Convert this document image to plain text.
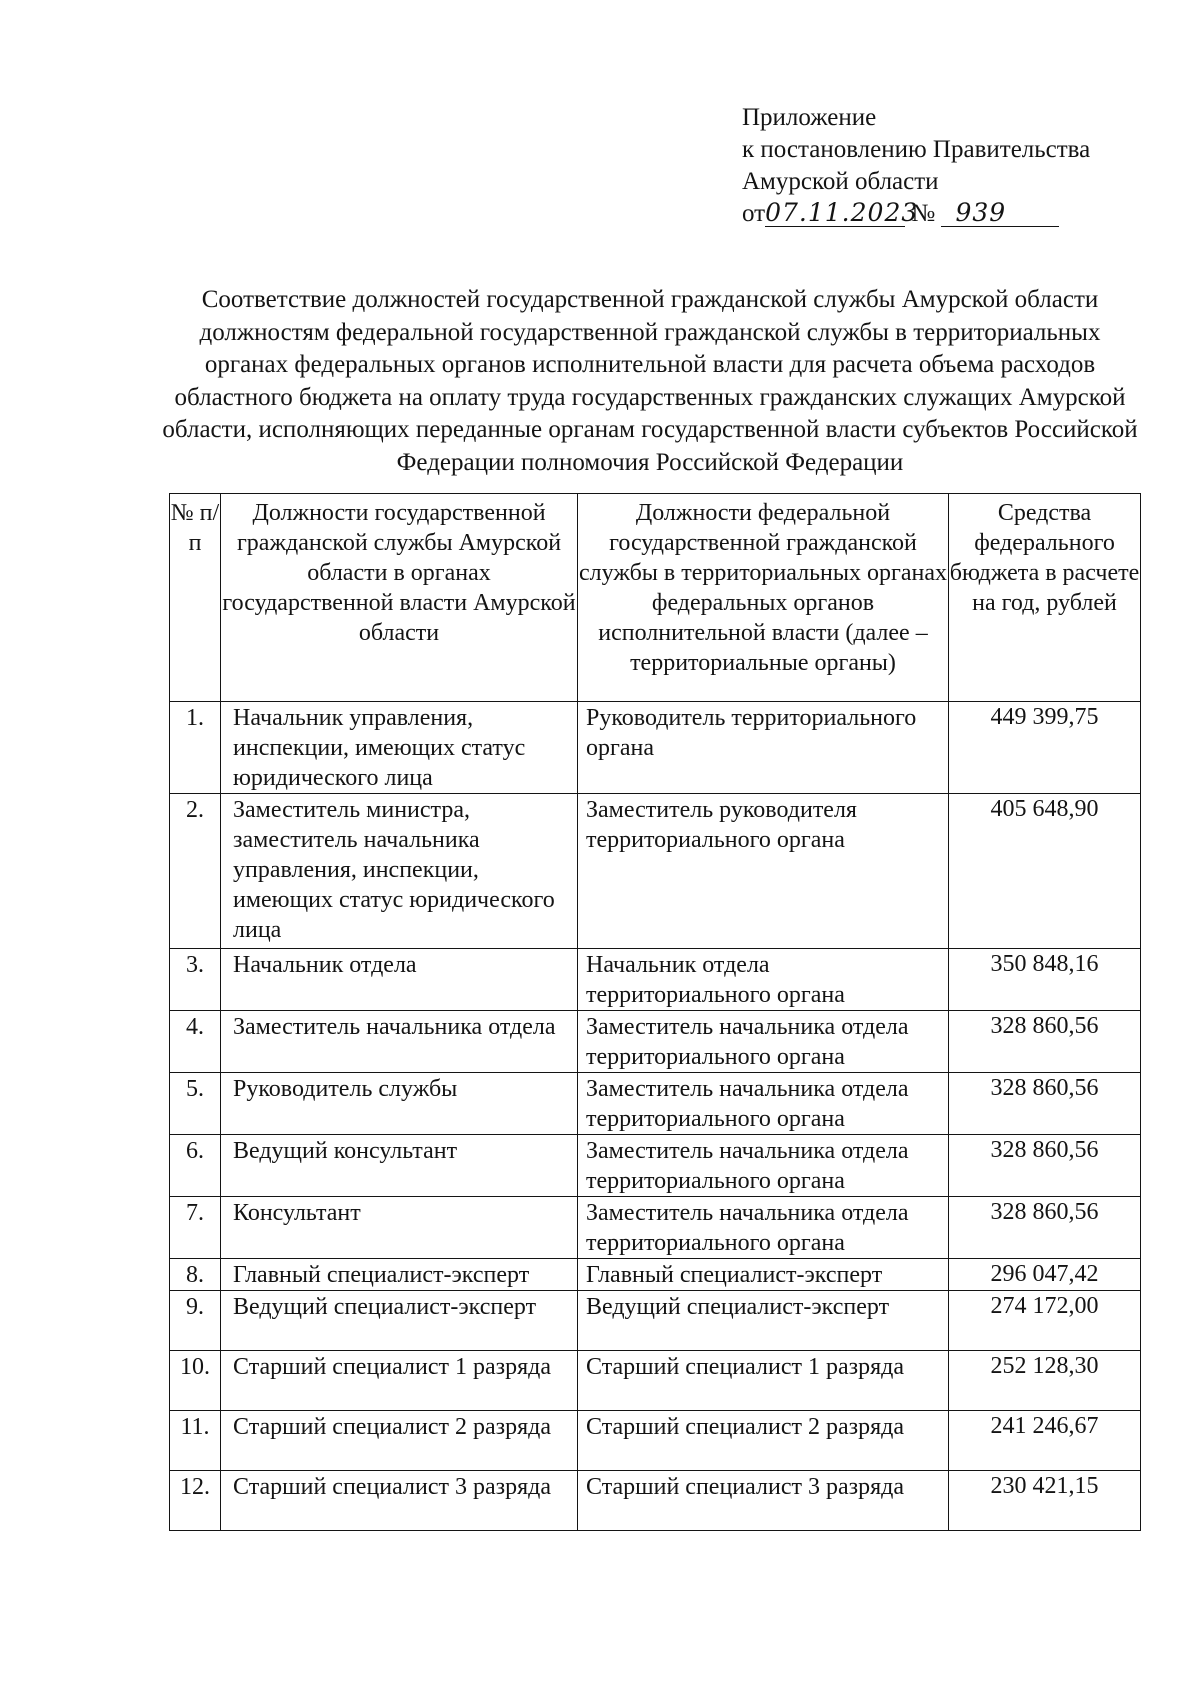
Приложение
к постановлению Правительства
Амурской области
от07.11.2023 № 939
Соответствие должностей государственной гражданской службы Амурской области должностям федеральной государственной гражданской службы в территориальных органах федеральных органов исполнительной власти для расчета объема расходов областного бюджета на оплату труда государственных гражданских служащих Амурской области, исполняющих переданные органам государственной власти субъектов Российской Федерации полномочия Российской Федерации
№ п/п	Должности государственной гражданской службы Амурской области в органах государственной власти Амурской области	Должности федеральной государственной гражданской службы в территориальных органах федеральных органов исполнительной власти (далее – территориальные органы)	Средства федерального бюджета в расчете на год, рублей
1.	Начальник управления, инспекции, имеющих статус юридического лица	Руководитель территориального органа	449 399,75
2.	Заместитель министра, заместитель начальника управления, инспекции, имеющих статус юридического лица	Заместитель руководителя территориального органа	405 648,90
3.	Начальник отдела	Начальник отдела территориального органа	350 848,16
4.	Заместитель начальника отдела	Заместитель начальника отдела территориального органа	328 860,56
5.	Руководитель службы	Заместитель начальника отдела территориального органа	328 860,56
6.	Ведущий консультант	Заместитель начальника отдела территориального органа	328 860,56
7.	Консультант	Заместитель начальника отдела территориального органа	328 860,56
8.	Главный специалист-эксперт	Главный специалист-эксперт	296 047,42
9.	Ведущий специалист-эксперт	Ведущий специалист-эксперт	274 172,00
10.	Старший специалист 1 разряда	Старший специалист 1 разряда	252 128,30
11.	Старший специалист 2 разряда	Старший специалист 2 разряда	241 246,67
12.	Старший специалист 3 разряда	Старший специалист 3 разряда	230 421,15
